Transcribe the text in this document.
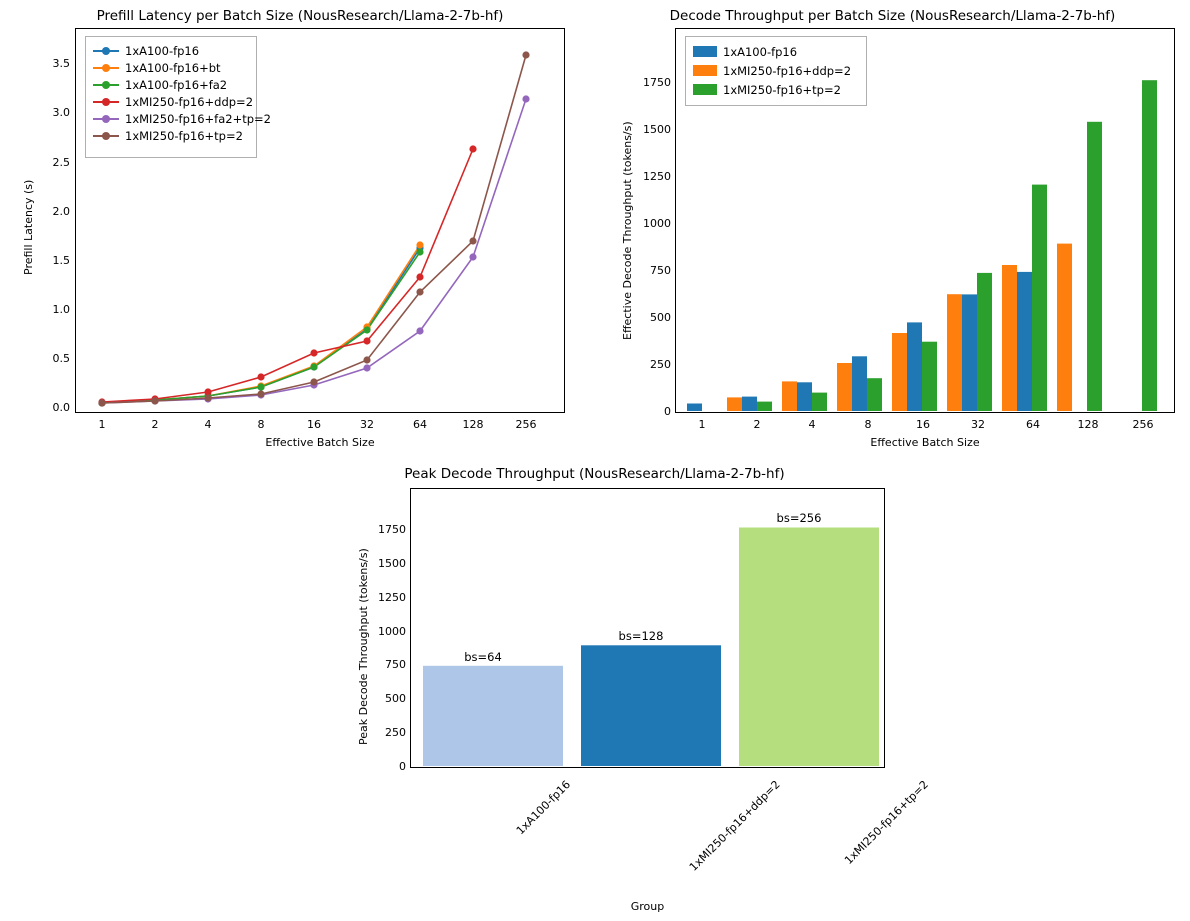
Prefill Latency per Batch Size (NousResearch/Llama-2-7b-hf)
0.0
0.5
1.0
1.5
2.0
2.5
3.0
3.5
1	2	4	8	16	32	64	128	256
Effective Batch Size
Prefill Latency (s)
1xA100-fp16
1xA100-fp16+bt
1xA100-fp16+fa2
1xMI250-fp16+ddp=2
1xMI250-fp16+fa2+tp=2
1xMI250-fp16+tp=2
Decode Throughput per Batch Size (NousResearch/Llama-2-7b-hf)
0
250
500
750
1000
1250
1500
1750
1	2	4	8	16	32	64	128	256
Effective Batch Size
Effective Decode Throughput (tokens/s)
1xA100-fp16
1xMI250-fp16+ddp=2
1xMI250-fp16+tp=2
Peak Decode Throughput (NousResearch/Llama-2-7b-hf)
bs=64
bs=128
bs=256
0
250
500
750
1000
1250
1500
1750
1xA100-fp16	1xMI250-fp16+ddp=2	1xMI250-fp16+tp=2
Group
Peak Decode Throughput (tokens/s)
